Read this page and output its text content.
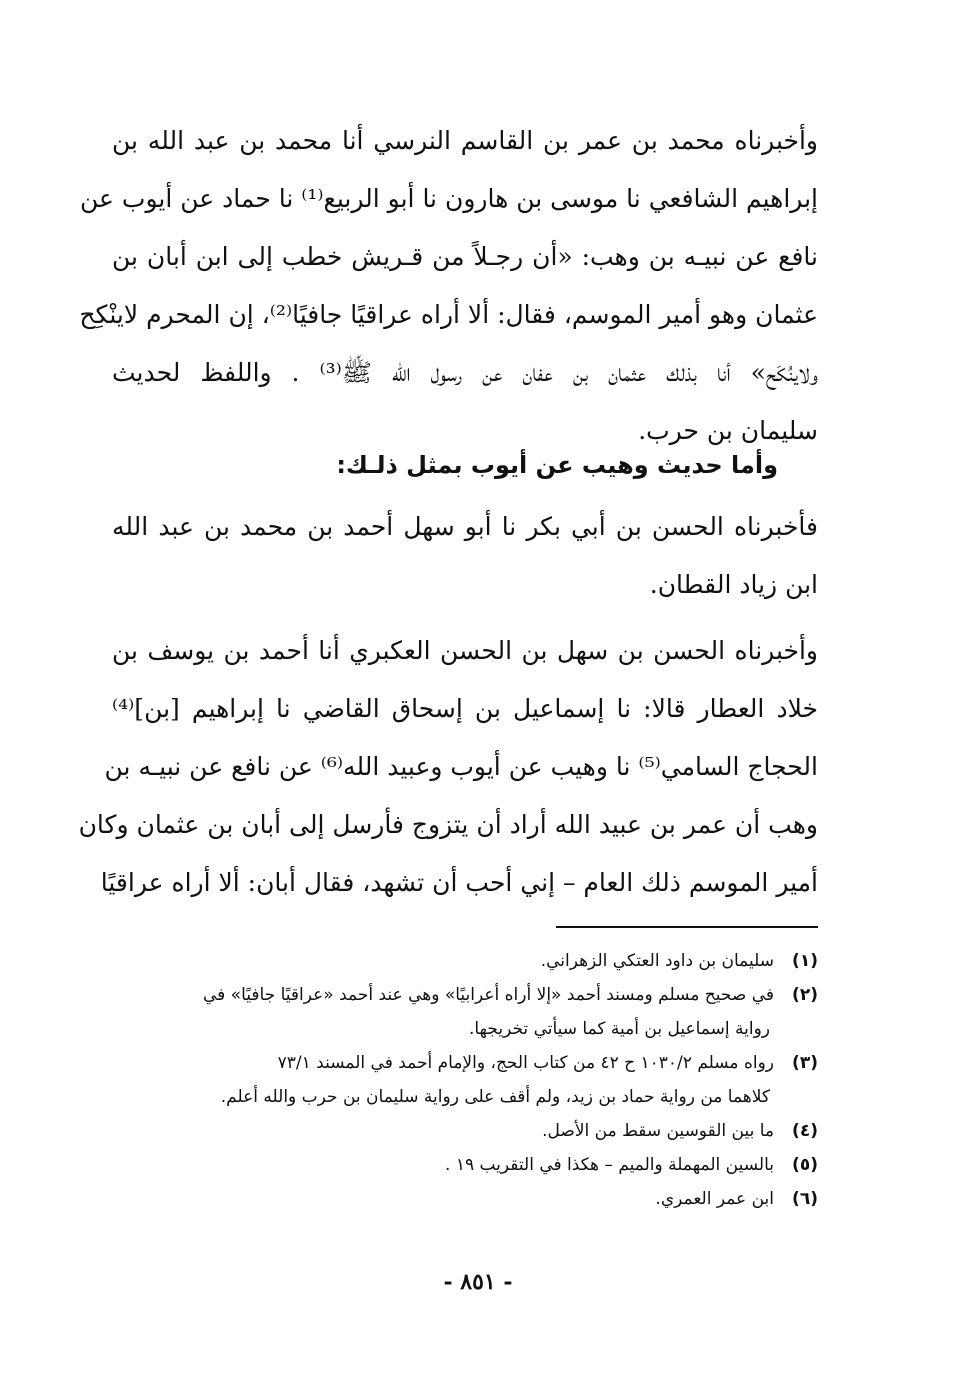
وأخبرناه محمد بن عمر بن القاسم النرسي أنا محمد بن عبد الله بن
إبراهيم الشافعي نا موسى بن هارون نا أبو الربيع⁽¹⁾ نا حماد عن أيوب عن
نافع عن نبيـه بن وهب: «أن رجـلاً من قـريش خطب إلى ابن أبان بن
عثمان وهو أمير الموسم، فقال: ألا أراه عراقيًا جافيًا⁽²⁾، إن المحرم لاينْكِح
ولاينُكَح» أنا بذلك عثمان بن عفان عن رسول الله ﷺ⁽³⁾ . واللفظ لحديث
سليمان بن حرب.
وأما حديث وهيب عن أيوب بمثل ذلـك:
فأخبرناه الحسن بن أبي بكر نا أبو سهل أحمد بن محمد بن عبد الله
ابن زياد القطان.
وأخبرناه الحسن بن سهل بن الحسن العكبري أنا أحمد بن يوسف بن
خلاد العطار قالا: نا إسماعيل بن إسحاق القاضي نا إبراهيم [بن]⁽⁴⁾
الحجاج السامي⁽⁵⁾ نا وهيب عن أيوب وعبيد الله⁽⁶⁾ عن نافع عن نبيـه بن
وهب أن عمر بن عبيد الله أراد أن يتزوج فأرسل إلى أبان بن عثمان وكان
أمير الموسم ذلك العام – إني أحب أن تشهد، فقال أبان: ألا أراه عراقيًا
(١)سليمان بن داود العتكي الزهراني.
(٢)في صحيح مسلم ومسند أحمد «إلا أراه أعرابيًا» وهي عند أحمد «عراقيًا جافيًا» في
رواية إسماعيل بن أمية كما سيأتي تخريجها.
(٣)رواه مسلم ١٠٣٠/٢ ح ٤٢ من كتاب الحج، والإمام أحمد في المسند ٧٣/١
كلاهما من رواية حماد بن زيد، ولم أقف على رواية سليمان بن حرب والله أعلم.
(٤)ما بين القوسين سقط من الأصل.
(٥)بالسين المهملة والميم – هكذا في التقريب ١٩ .
(٦)ابن عمر العمري.
- ٨٥١ -
